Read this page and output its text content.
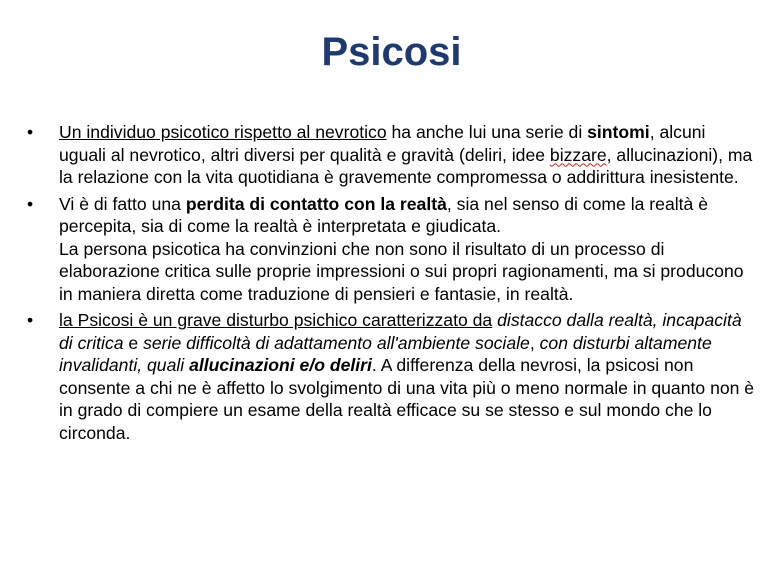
Psicosi
•	Un individuo psicotico rispetto al nevrotico ha anche lui una serie di sintomi, alcuni uguali al nevrotico, altri diversi per qualità e gravità (deliri, idee bizzare, allucinazioni), ma la relazione con la vita quotidiana è gravemente compromessa o addirittura inesistente.
•	Vi è di fatto una perdita di contatto con la realtà, sia nel senso di come la realtà è percepita, sia di come la realtà è interpretata e giudicata.
La persona psicotica ha convinzioni che non sono il risultato di un processo di elaborazione critica sulle proprie impressioni o sui propri ragionamenti, ma si producono in maniera diretta come traduzione di pensieri e fantasie, in realtà.
•	la Psicosi è un grave disturbo psichico caratterizzato da distacco dalla realtà, incapacità di critica e serie difficoltà di adattamento all'ambiente sociale, con disturbi altamente invalidanti, quali allucinazioni e/o deliri. A differenza della nevrosi, la psicosi non consente a chi ne è affetto lo svolgimento di una vita più o meno normale in quanto non è in grado di compiere un esame della realtà efficace su se stesso e sul mondo che lo circonda.
